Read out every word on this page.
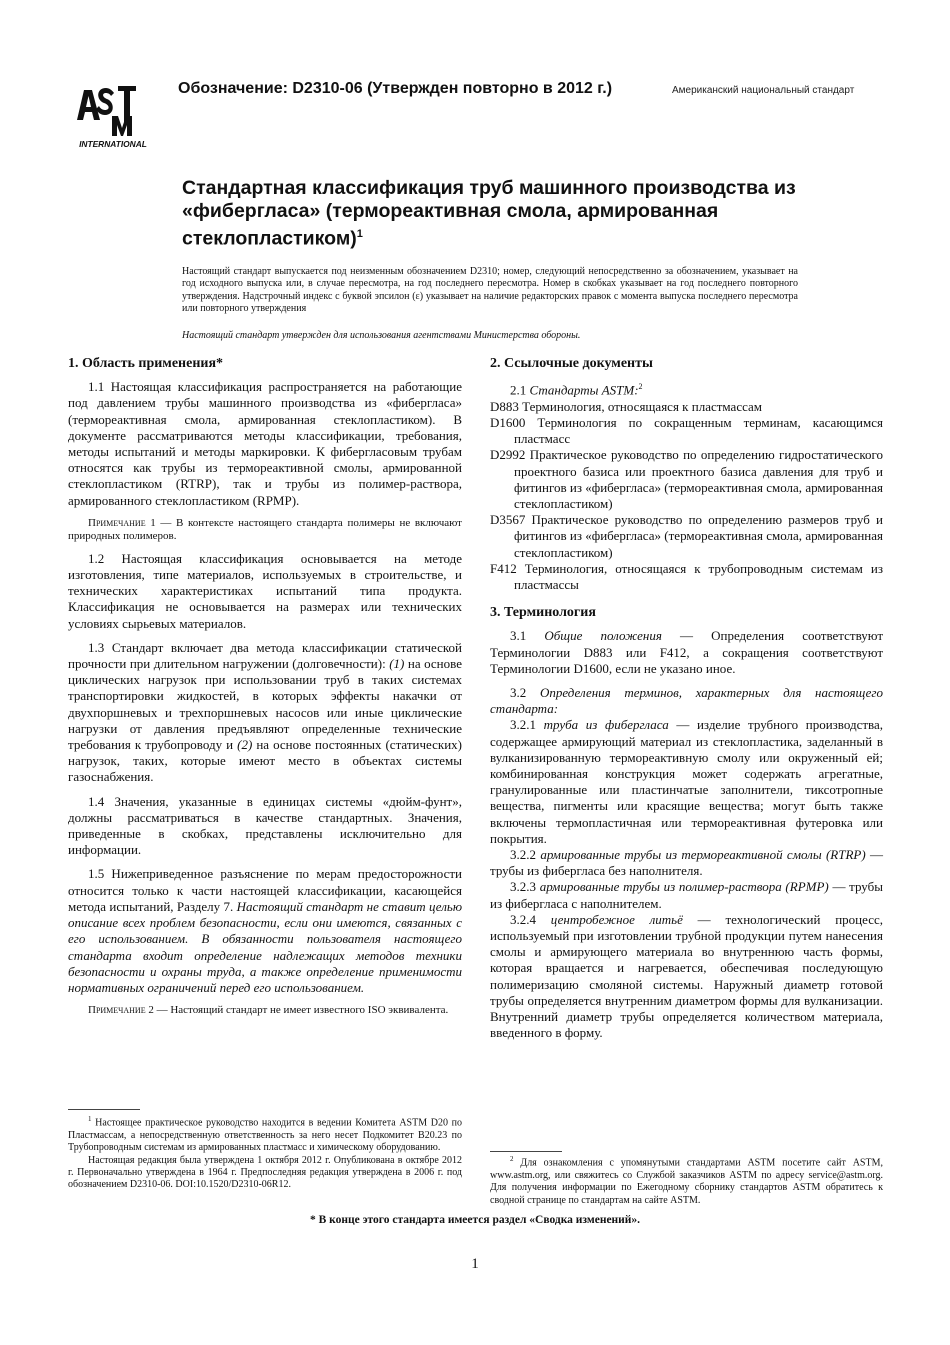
INTERNATIONAL
Обозначение: D2310-06 (Утвержден повторно в 2012 г.)	Американский национальный стандарт
Стандартная классификация труб машинного производства из «фибергласа» (термореактивная смола, армированная стеклопластиком)$^1$
Настоящий стандарт выпускается под неизменным обозначением D2310; номер, следующий непосредственно за обозначением, указывает на год исходного выпуска или, в случае пересмотра, на год последнего пересмотра. Номер в скобках указывает на год последнего повторного утверждения. Надстрочный индекс с буквой эпсилон (ε) указывает на наличие редакторских правок с момента выпуска последнего пересмотра или повторного утверждения
Настоящий стандарт утвержден для использования агентствами Министерства обороны.
1. Область применения*

1.1 Настоящая классификация распространяется на работающие под давлением трубы машинного производства из «фибергласа» (термореактивная смола, армированная стеклопластиком). В документе рассматриваются методы классификации, требования, методы испытаний и методы маркировки. К фибергласовым трубам относятся как трубы из термореактивной смолы, армированной стеклопластиком (RTRP), так и трубы из полимер-раствора, армированного стеклопластиком (RPMP).

Примечание 1 — В контексте настоящего стандарта полимеры не включают природных полимеров.

1.2 Настоящая классификация основывается на методе изготовления, типе материалов, используемых в строительстве, и технических характеристиках испытаний типа продукта. Классификация не основывается на размерах или технических условиях сырьевых материалов.

1.3 Стандарт включает два метода классификации статической прочности при длительном нагружении (долговечности): (1) на основе циклических нагрузок при использовании труб в таких системах транспортировки жидкостей, в которых эффекты накачки от двухпоршневых и трехпоршневых насосов или иные циклические нагрузки от давления предъявляют определенные технические требования к трубопроводу и (2) на основе постоянных (статических) нагрузок, таких, которые имеют место в объектах системы газоснабжения.

1.4 Значения, указанные в единицах системы «дюйм-фунт», должны рассматриваться в качестве стандартных. Значения, приведенные в скобках, представлены исключительно для информации.

1.5 Нижеприведенное разъяснение по мерам предосторожности относится только к части настоящей классификации, касающейся метода испытаний, Разделу 7. Настоящий стандарт не ставит целью описание всех проблем безопасности, если они имеются, связанных с его использованием. В обязанности пользователя настоящего стандарта входит определение надлежащих методов техники безопасности и охраны труда, а также определение применимости нормативных ограничений перед его использованием.

Примечание 2 — Настоящий стандарт не имеет известного ISO эквивалента.

2. Ссылочные документы

2.1 Стандарты ASTM:$^2$

D883 Терминология, относящаяся к пластмассам

D1600 Терминология по сокращенным терминам, касающимся пластмасс

D2992 Практическое руководство по определению гидростатического проектного базиса или проектного базиса давления для труб и фитингов из «фибергласа» (термореактивная смола, армированная стеклопластиком)

D3567 Практическое руководство по определению размеров труб и фитингов из «фибергласа» (термореактивная смола, армированная стеклопластиком)

F412 Терминология, относящаяся к трубопроводным системам из пластмассы

3. Терминология

3.1 Общие положения — Определения соответствуют Терминологии D883 или F412, а сокращения соответствуют Терминологии D1600, если не указано иное.

3.2 Определения терминов, характерных для настоящего стандарта:

3.2.1 труба из фибергласа — изделие трубного производства, содержащее армирующий материал из стеклопластика, заделанный в вулканизированную термореактивную смолу или окруженный ей; комбинированная конструкция может содержать агрегатные, гранулированные или пластинчатые заполнители, тиксотропные вещества, пигменты или красящие вещества; могут быть также включены термопластичная или термореактивная футеровка или покрытия.

3.2.2 армированные трубы из термореактивной смолы (RTRP) — трубы из фибергласа без наполнителя.

3.2.3 армированные трубы из полимер-раствора (RPMP) — трубы из фибергласа с наполнителем.

3.2.4 центробежное литьё — технологический процесс, используемый при изготовлении трубной продукции путем нанесения смолы и армирующего материала во внутреннюю часть формы, которая вращается и нагревается, обеспечивая последующую полимеризацию смоляной системы. Наружный диаметр готовой трубы определяется внутренним диаметром формы для вулканизации. Внутренний диаметр трубы определяется количеством материала, введенного в форму.

$^1$ Настоящее практическое руководство находится в ведении Комитета ASTM D20 по Пластмассам, а непосредственную ответственность за него несет Подкомитет B20.23 по Трубопроводным системам из армированных пластмасс и химическому оборудованию.

Настоящая редакция была утверждена 1 октября 2012 г. Опубликована в октябре 2012 г. Первоначально утверждена в 1964 г. Предпоследняя редакция утверждена в 2006 г. под обозначением D2310-06. DOI:10.1520/D2310-06R12.

$^2$ Для ознакомления с упомянутыми стандартами ASTM посетите сайт ASTM, www.astm.org, или свяжитесь со Службой заказчиков ASTM по адресу service@astm.org. Для получения информации по Ежегодному сборнику стандартов ASTM обратитесь к сводной странице по стандартам на сайте ASTM.

* В конце этого стандарта имеется раздел «Сводка изменений».
1
